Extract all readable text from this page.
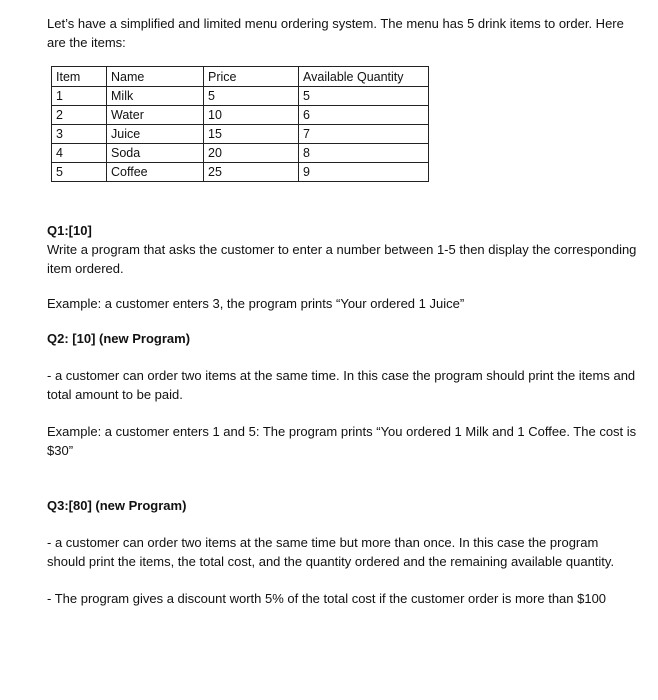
Let’s have a simplified and limited menu ordering system. The menu has 5 drink items to order. Here are the items:

Item	Name	Price	Available Quantity
1	Milk	5	5
2	Water	10	6
3	Juice	15	7
4	Soda	20	8
5	Coffee	25	9

Q1:[10]

Write a program that asks the customer to enter a number between 1-5 then display the corresponding item ordered.

Example: a customer enters 3, the program prints “Your ordered 1 Juice”

Q2: [10] (new Program)

- a customer can order two items at the same time. In this case the program should print the items and total amount to be paid.

Example: a customer enters 1 and 5: The program prints “You ordered 1 Milk and 1 Coffee. The cost is $30”

Q3:[80] (new Program)

- a customer can order two items at the same time but more than once. In this case the program should print the items, the total cost, and the quantity ordered and the remaining available quantity.

- The program gives a discount worth 5% of the total cost if the customer order is more than $100
